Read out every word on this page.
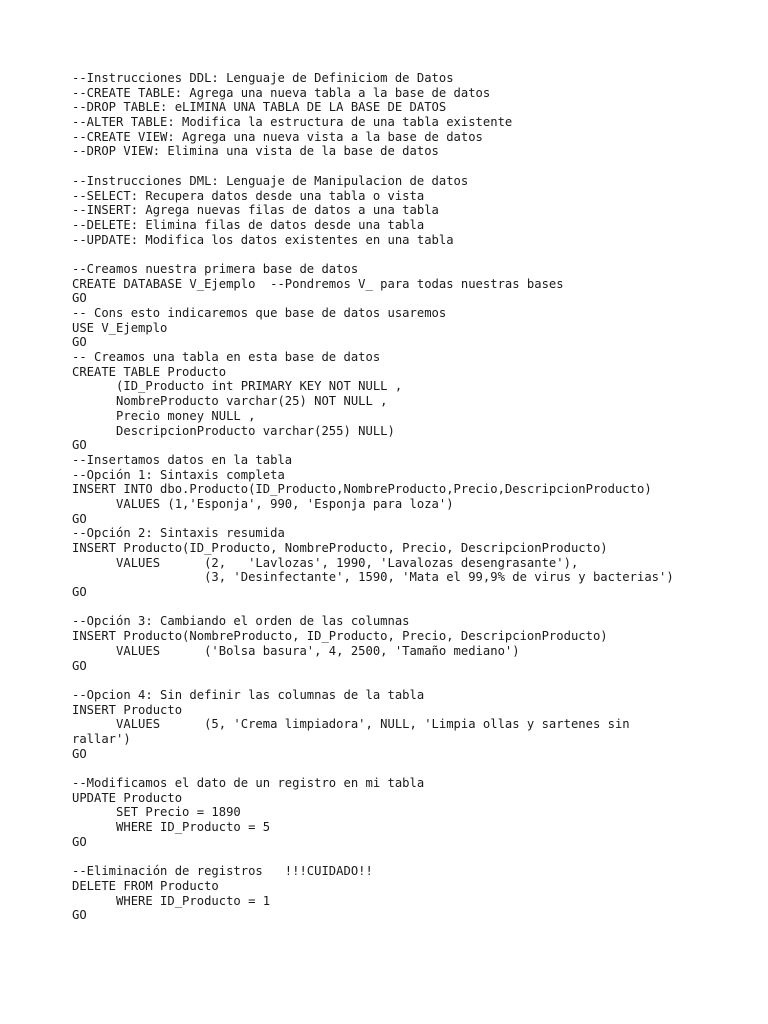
--Instrucciones DDL: Lenguaje de Definiciom de Datos
--CREATE TABLE: Agrega una nueva tabla a la base de datos
--DROP TABLE: eLIMINA UNA TABLA DE LA BASE DE DATOS
--ALTER TABLE: Modifica la estructura de una tabla existente
--CREATE VIEW: Agrega una nueva vista a la base de datos
--DROP VIEW: Elimina una vista de la base de datos
--Instrucciones DML: Lenguaje de Manipulacion de datos
--SELECT: Recupera datos desde una tabla o vista
--INSERT: Agrega nuevas filas de datos a una tabla
--DELETE: Elimina filas de datos desde una tabla
--UPDATE: Modifica los datos existentes en una tabla
--Creamos nuestra primera base de datos
CREATE DATABASE V_Ejemplo  --Pondremos V_ para todas nuestras bases
GO
-- Cons esto indicaremos que base de datos usaremos
USE V_Ejemplo
GO
-- Creamos una tabla en esta base de datos
CREATE TABLE Producto
(ID_Producto int PRIMARY KEY NOT NULL ,
NombreProducto varchar(25) NOT NULL ,
Precio money NULL ,
DescripcionProducto varchar(255) NULL)
GO
--Insertamos datos en la tabla
--Opción 1: Sintaxis completa
INSERT INTO dbo.Producto(ID_Producto,NombreProducto,Precio,DescripcionProducto)
VALUES (1,'Esponja', 990, 'Esponja para loza')
GO
--Opción 2: Sintaxis resumida
INSERT Producto(ID_Producto, NombreProducto, Precio, DescripcionProducto)
VALUES      (2,   'Lavlozas', 1990, 'Lavalozas desengrasante'),
(3, 'Desinfectante', 1590, 'Mata el 99,9% de virus y bacterias')
GO
--Opción 3: Cambiando el orden de las columnas
INSERT Producto(NombreProducto, ID_Producto, Precio, DescripcionProducto)
VALUES      ('Bolsa basura', 4, 2500, 'Tamaño mediano')
GO
--Opcion 4: Sin definir las columnas de la tabla
INSERT Producto
VALUES      (5, 'Crema limpiadora', NULL, 'Limpia ollas y sartenes sin
rallar')
GO
--Modificamos el dato de un registro en mi tabla
UPDATE Producto
SET Precio = 1890
WHERE ID_Producto = 5
GO
--Eliminación de registros   !!!CUIDADO!!
DELETE FROM Producto
WHERE ID_Producto = 1
GO
